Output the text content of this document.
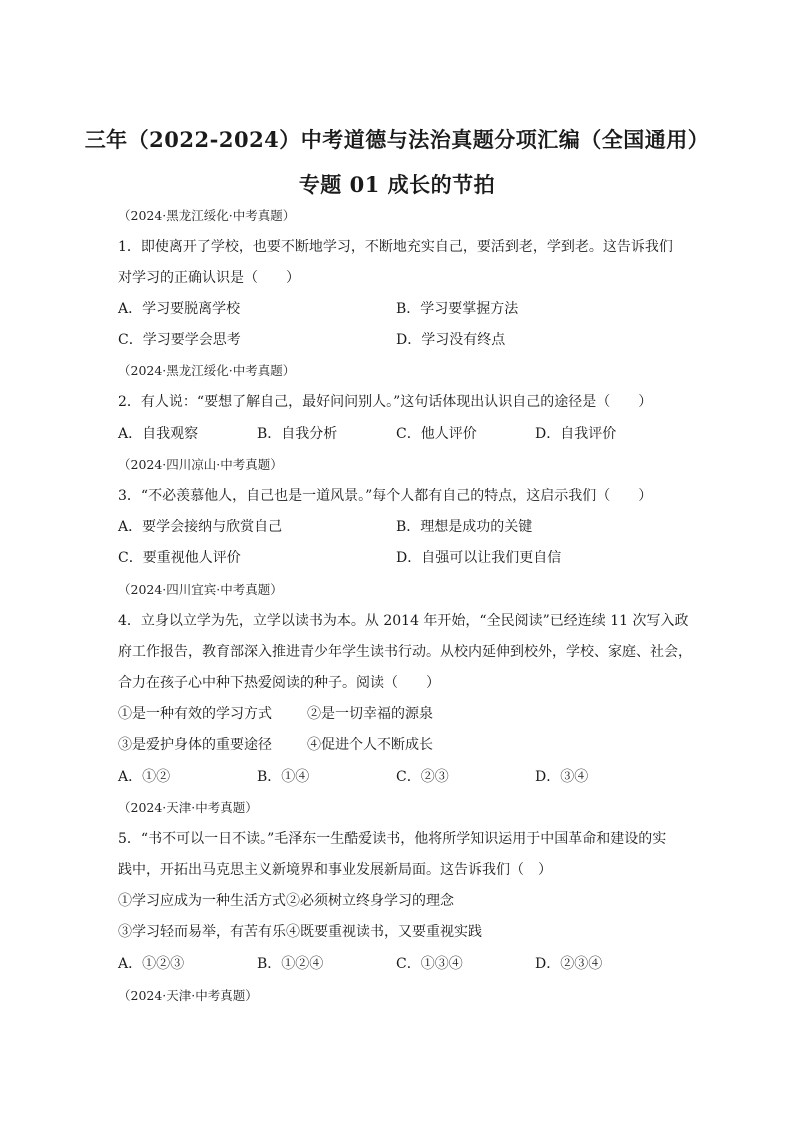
三年（2022-2024）中考道德与法治真题分项汇编（全国通用）
专题 01 成长的节拍
（2024·黑龙江绥化·中考真题）
1．即使离开了学校，也要不断地学习，不断地充实自己，要活到老，学到老。这告诉我们
对学习的正确认识是（　　）
A．学习要脱离学校	B．学习要掌握方法
C．学习要学会思考	D．学习没有终点
（2024·黑龙江绥化·中考真题）
2．有人说：“要想了解自己，最好问问别人。”这句话体现出认识自己的途径是（　　）
A．自我观察	B．自我分析	C．他人评价	D．自我评价
（2024·四川凉山·中考真题）
3．“不必羡慕他人，自己也是一道风景。”每个人都有自己的特点，这启示我们（　　）
A．要学会接纳与欣赏自己	B．理想是成功的关键
C．要重视他人评价	D．自强可以让我们更自信
（2024·四川宜宾·中考真题）
4．立身以立学为先，立学以读书为本。从 2014 年开始，“全民阅读”已经连续 11 次写入政
府工作报告，教育部深入推进青少年学生读书行动。从校内延伸到校外，学校、家庭、社会，
合力在孩子心中种下热爱阅读的种子。阅读（　　）
①是一种有效的学习方式	②是一切幸福的源泉
③是爱护身体的重要途径	④促进个人不断成长
A．①②	B．①④	C．②③	D．③④
（2024·天津·中考真题）
5．“书不可以一日不读。”毛泽东一生酷爱读书，他将所学知识运用于中国革命和建设的实
践中，开拓出马克思主义新境界和事业发展新局面。这告诉我们（　）
①学习应成为一种生活方式②必须树立终身学习的理念
③学习轻而易举，有苦有乐④既要重视读书，又要重视实践
A．①②③	B．①②④	C．①③④	D．②③④
（2024·天津·中考真题）
